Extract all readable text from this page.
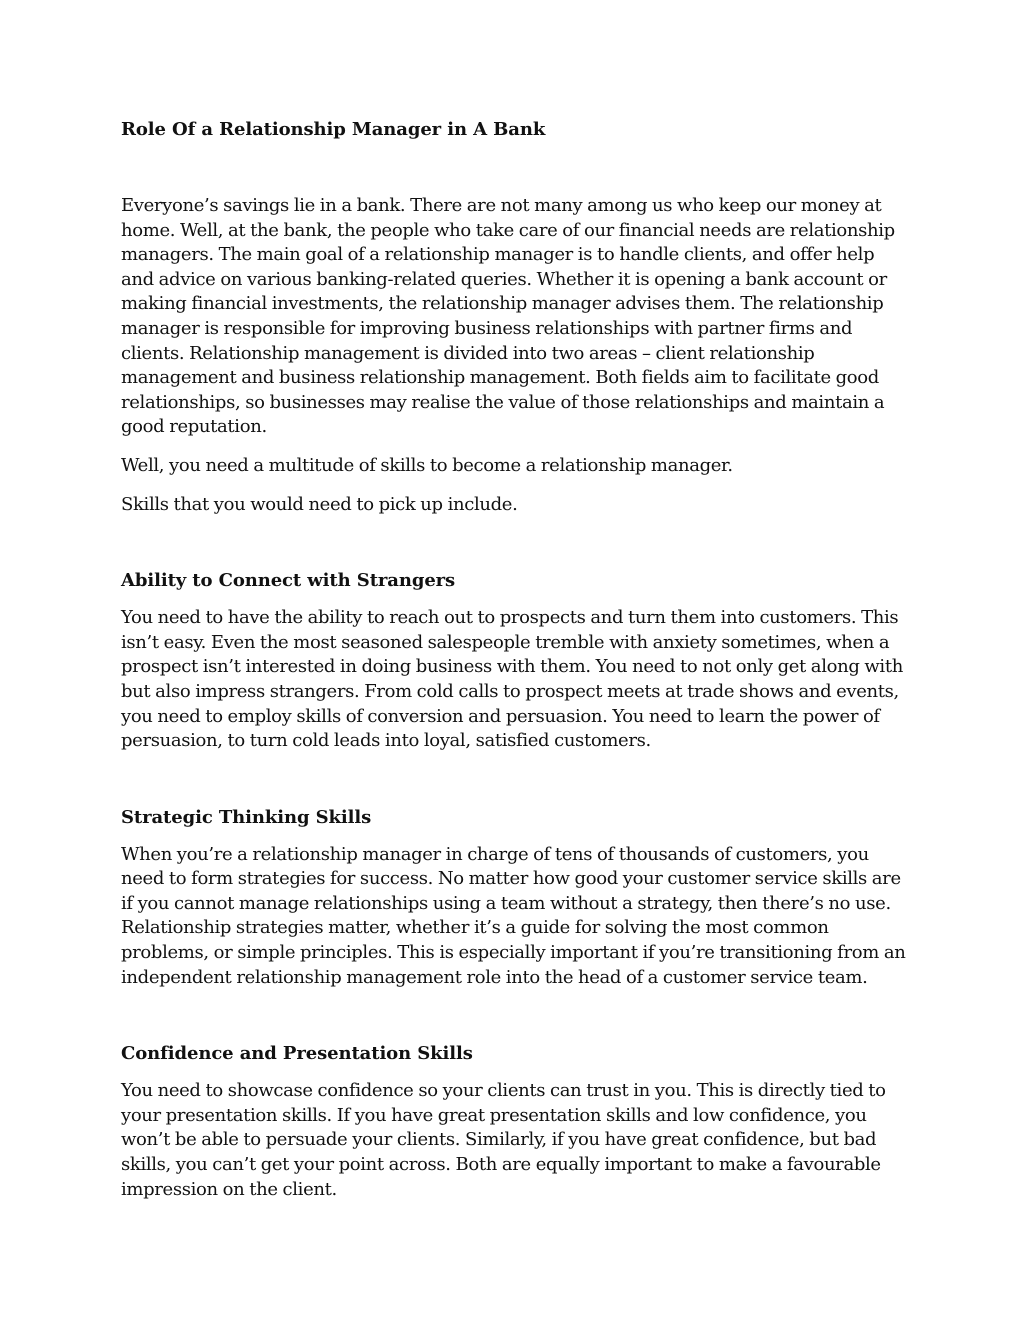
Role Of a Relationship Manager in A Bank

Everyone’s savings lie in a bank. There are not many among us who keep our money at home. Well, at the bank, the people who take care of our financial needs are relationship managers. The main goal of a relationship manager is to handle clients, and offer help and advice on various banking-related queries. Whether it is opening a bank account or making financial investments, the relationship manager advises them. The relationship manager is responsible for improving business relationships with partner firms and clients. Relationship management is divided into two areas – client relationship management and business relationship management. Both fields aim to facilitate good relationships, so businesses may realise the value of those relationships and maintain a good reputation.

Well, you need a multitude of skills to become a relationship manager.

Skills that you would need to pick up include.

Ability to Connect with Strangers

You need to have the ability to reach out to prospects and turn them into customers. This isn’t easy. Even the most seasoned salespeople tremble with anxiety sometimes, when a prospect isn’t interested in doing business with them. You need to not only get along with but also impress strangers. From cold calls to prospect meets at trade shows and events, you need to employ skills of conversion and persuasion. You need to learn the power of persuasion, to turn cold leads into loyal, satisfied customers.

Strategic Thinking Skills

When you’re a relationship manager in charge of tens of thousands of customers, you need to form strategies for success. No matter how good your customer service skills are if you cannot manage relationships using a team without a strategy, then there’s no use. Relationship strategies matter, whether it’s a guide for solving the most common problems, or simple principles. This is especially important if you’re transitioning from an independent relationship management role into the head of a customer service team.

Confidence and Presentation Skills

You need to showcase confidence so your clients can trust in you. This is directly tied to your presentation skills. If you have great presentation skills and low confidence, you won’t be able to persuade your clients. Similarly, if you have great confidence, but bad skills, you can’t get your point across. Both are equally important to make a favourable impression on the client.
